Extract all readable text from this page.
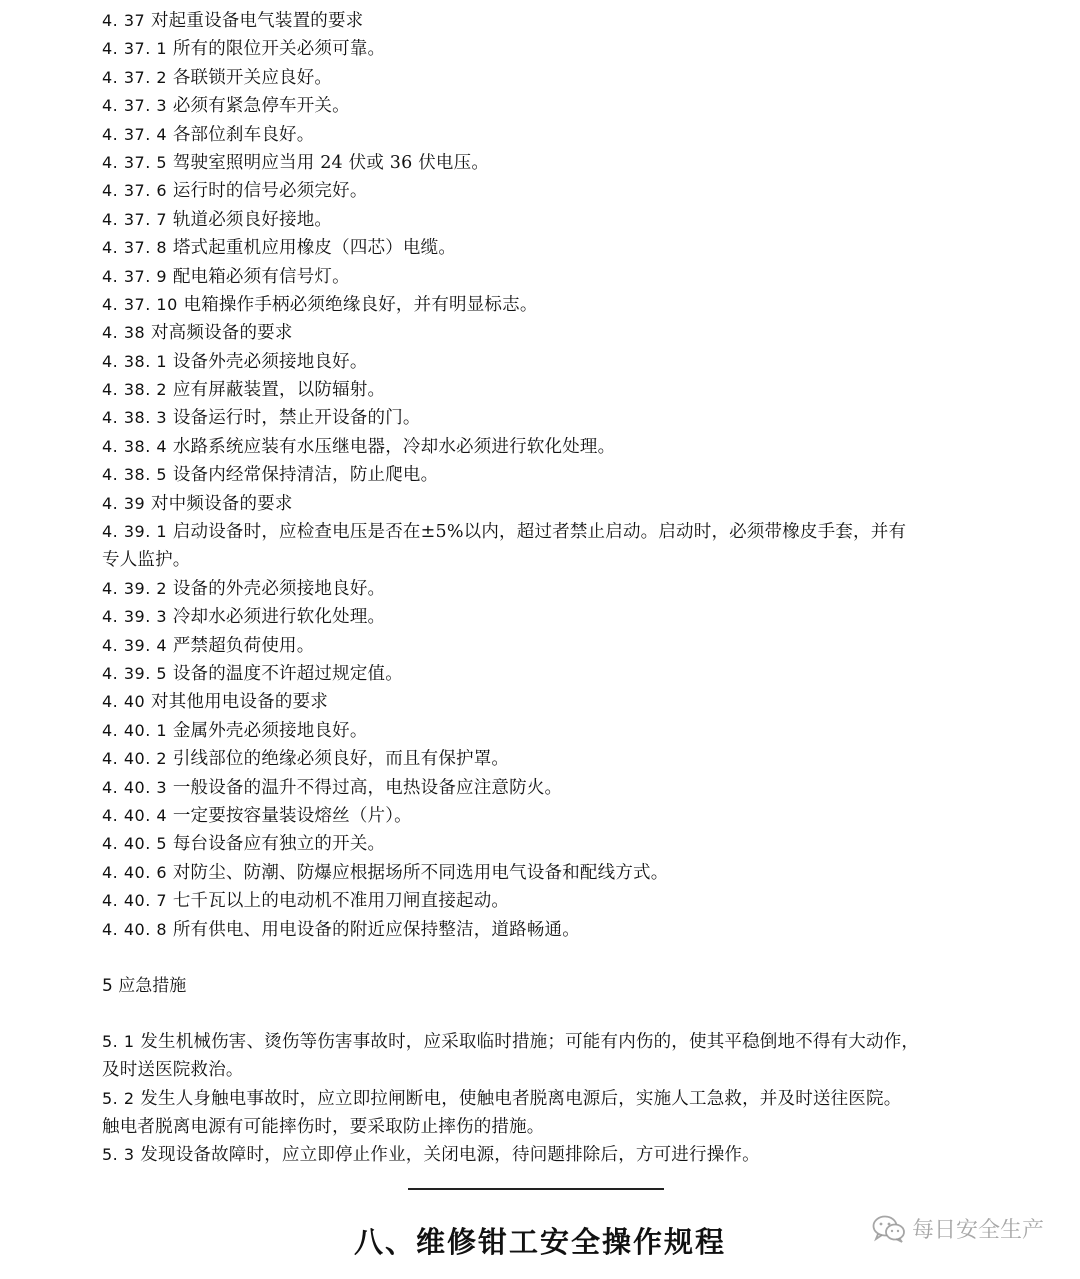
4. 37 对起重设备电气装置的要求
4. 37. 1 所有的限位开关必须可靠。
4. 37. 2 各联锁开关应良好。
4. 37. 3 必须有紧急停车开关。
4. 37. 4 各部位刹车良好。
4. 37. 5 驾驶室照明应当用 24 伏或 36 伏电压。
4. 37. 6 运行时的信号必须完好。
4. 37. 7 轨道必须良好接地。
4. 37. 8 塔式起重机应用橡皮（四芯）电缆。
4. 37. 9 配电箱必须有信号灯。
4. 37. 10 电箱操作手柄必须绝缘良好，并有明显标志。
4. 38 对高频设备的要求
4. 38. 1 设备外壳必须接地良好。
4. 38. 2 应有屏蔽装置，以防辐射。
4. 38. 3 设备运行时，禁止开设备的门。
4. 38. 4 水路系统应装有水压继电器，冷却水必须进行软化处理。
4. 38. 5 设备内经常保持清洁，防止爬电。
4. 39 对中频设备的要求
4. 39. 1 启动设备时，应检查电压是否在±5%以内，超过者禁止启动。启动时，必须带橡皮手套，并有
专人监护。
4. 39. 2 设备的外壳必须接地良好。
4. 39. 3 冷却水必须进行软化处理。
4. 39. 4 严禁超负荷使用。
4. 39. 5 设备的温度不许超过规定值。
4. 40 对其他用电设备的要求
4. 40. 1 金属外壳必须接地良好。
4. 40. 2 引线部位的绝缘必须良好，而且有保护罩。
4. 40. 3 一般设备的温升不得过高，电热设备应注意防火。
4. 40. 4 一定要按容量装设熔丝（片）。
4. 40. 5 每台设备应有独立的开关。
4. 40. 6 对防尘、防潮、防爆应根据场所不同选用电气设备和配线方式。
4. 40. 7 七千瓦以上的电动机不准用刀闸直接起动。
4. 40. 8 所有供电、用电设备的附近应保持整洁，道路畅通。
5 应急措施
5. 1 发生机械伤害、烫伤等伤害事故时，应采取临时措施；可能有内伤的，使其平稳倒地不得有大动作，
及时送医院救治。
5. 2 发生人身触电事故时，应立即拉闸断电，使触电者脱离电源后，实施人工急救，并及时送往医院。
触电者脱离电源有可能摔伤时，要采取防止摔伤的措施。
5. 3 发现设备故障时，应立即停止作业，关闭电源，待问题排除后，方可进行操作。
八、维修钳工安全操作规程	每日安全生产
